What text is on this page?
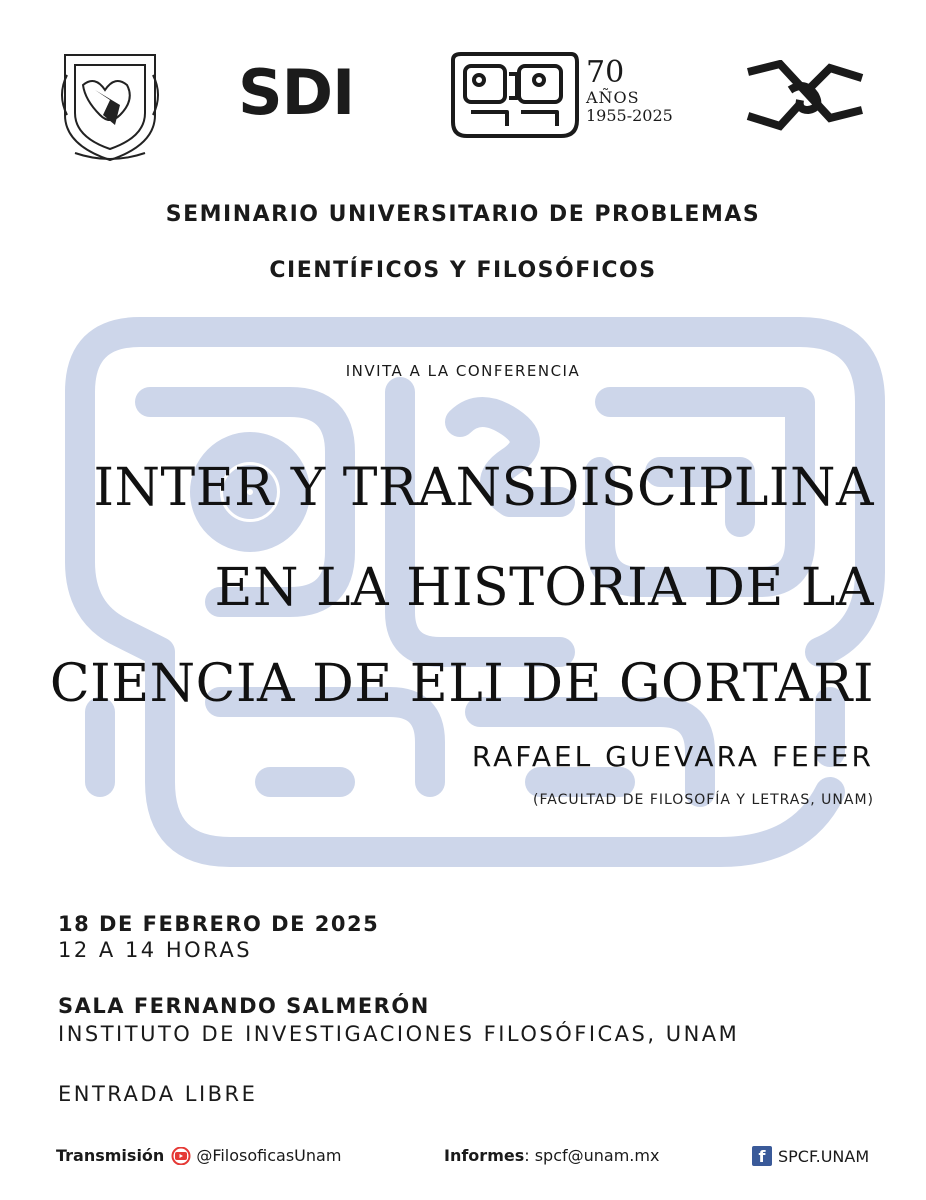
SDI	70
AÑOS
1955-2025
SEMINARIO UNIVERSITARIO DE PROBLEMAS
CIENTÍFICOS Y FILOSÓFICOS
INVITA A LA CONFERENCIA
INTER Y TRANSDISCIPLINA
EN LA HISTORIA DE LA
CIENCIA DE ELI DE GORTARI
RAFAEL GUEVARA FEFER
(FACULTAD DE FILOSOFÍA Y LETRAS, UNAM)
18 DE FEBRERO DE 2025
12 A 14 HORAS
SALA FERNANDO SALMERÓN
INSTITUTO DE INVESTIGACIONES FILOSÓFICAS, UNAM
ENTRADA LIBRE
Transmisión @FilosoficasUnam	Informes : spcf@unam.mx	f SPCF.UNAM
